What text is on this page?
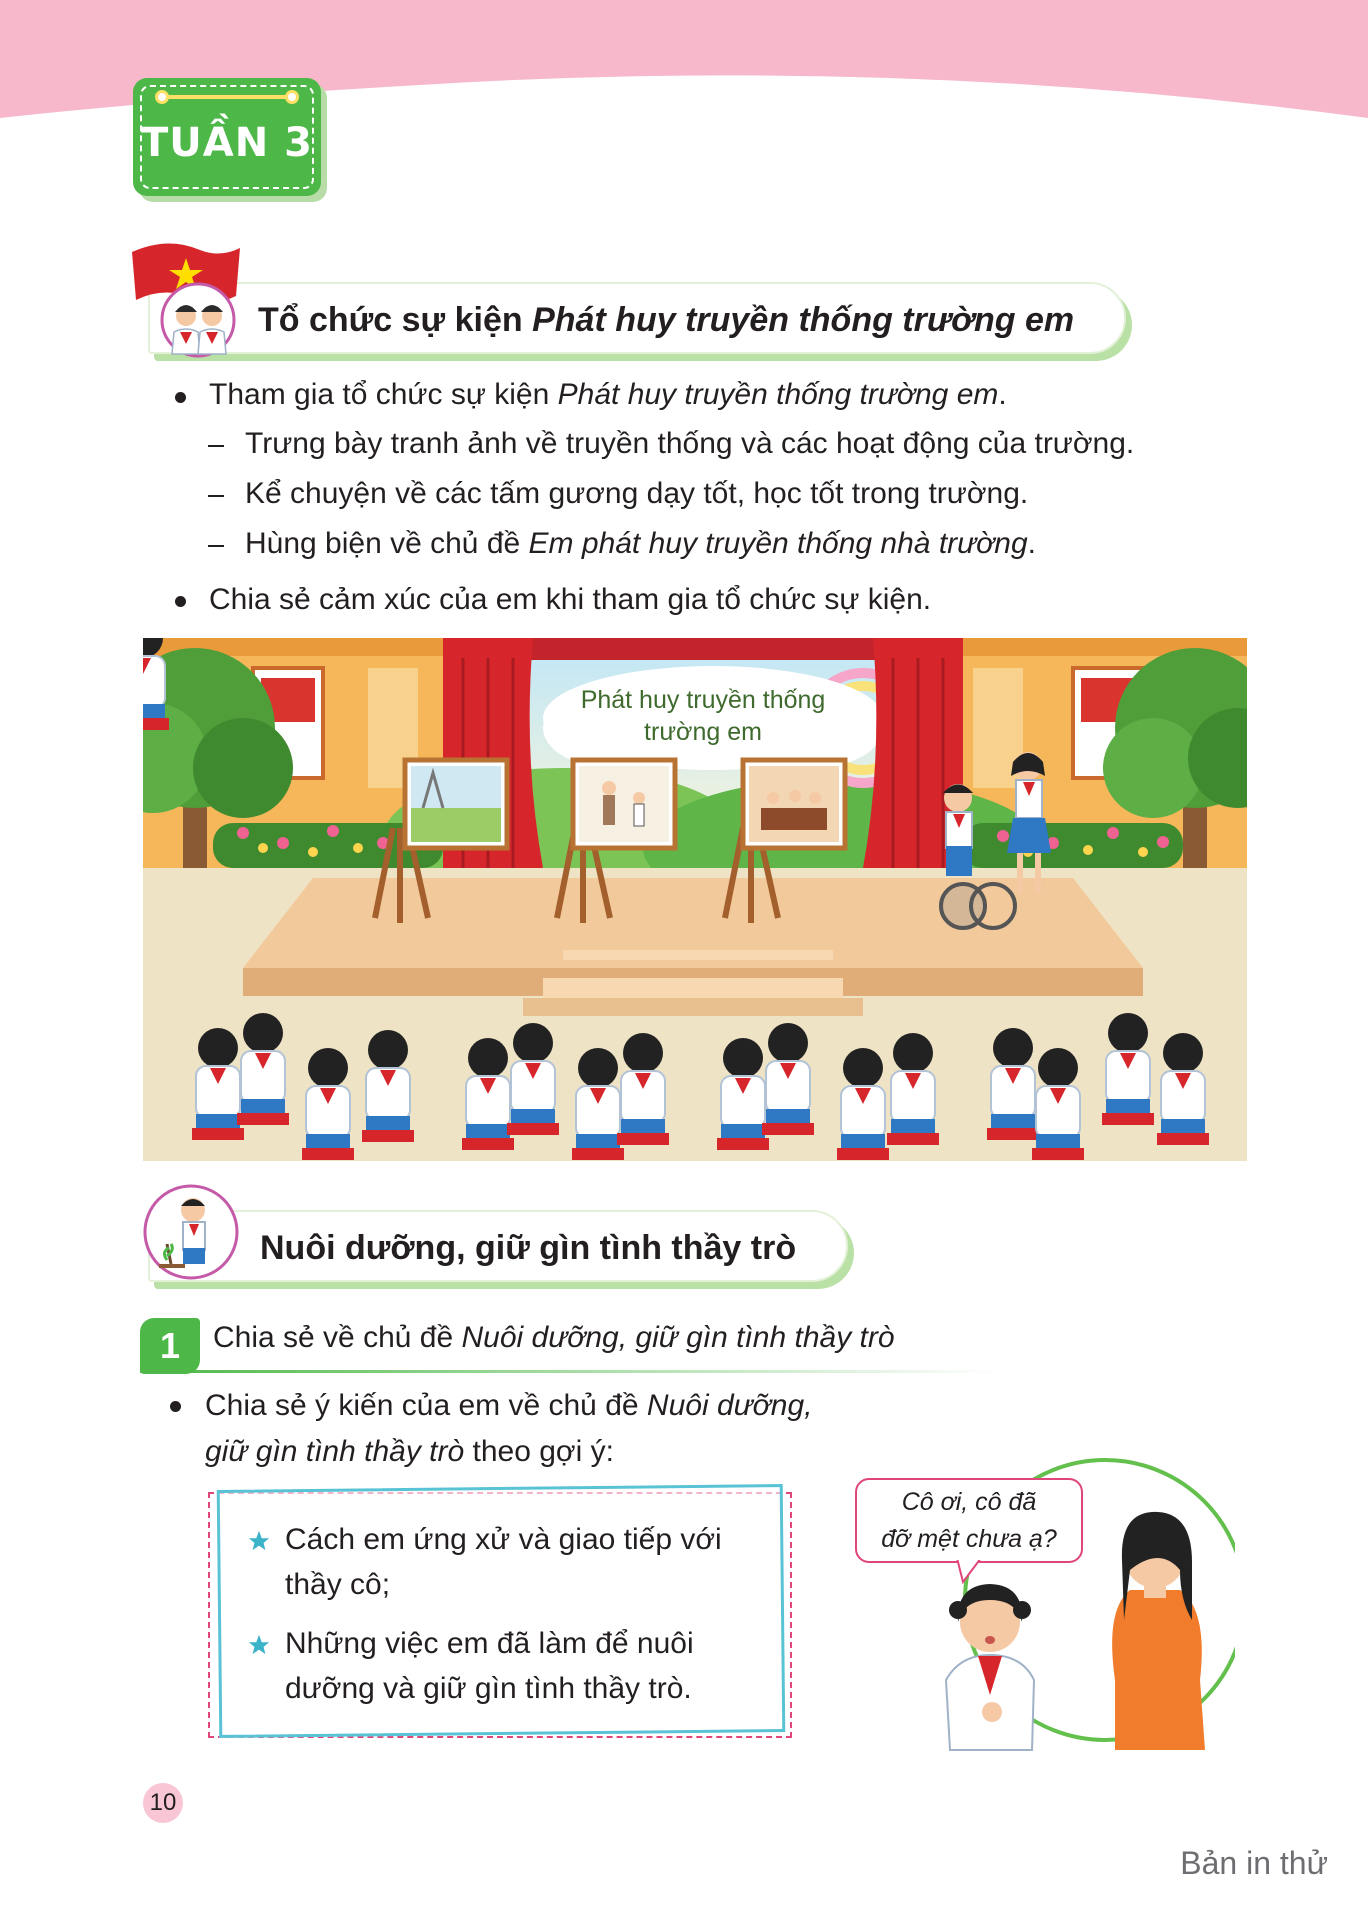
TUẦN 3
Tổ chức sự kiện Phát huy truyền thống trường em
Tham gia tổ chức sự kiện Phát huy truyền thống trường em.
Trưng bày tranh ảnh về truyền thống và các hoạt động của trường.
Kể chuyện về các tấm gương dạy tốt, học tốt trong trường.
Hùng biện về chủ đề Em phát huy truyền thống nhà trường.
Chia sẻ cảm xúc của em khi tham gia tổ chức sự kiện.
Phát huy truyền thống
trường em
Nuôi dưỡng, giữ gìn tình thầy trò
1	Chia sẻ về chủ đề Nuôi dưỡng, giữ gìn tình thầy trò
Chia sẻ ý kiến của em về chủ đề Nuôi dưỡng,
giữ gìn tình thầy trò theo gợi ý:
Cách em ứng xử và giao tiếp với
thầy cô;
Những việc em đã làm để nuôi
dưỡng và giữ gìn tình thầy trò.
Cô ơi, cô đã
đỡ mệt chưa ạ?
10
Bản in thử
